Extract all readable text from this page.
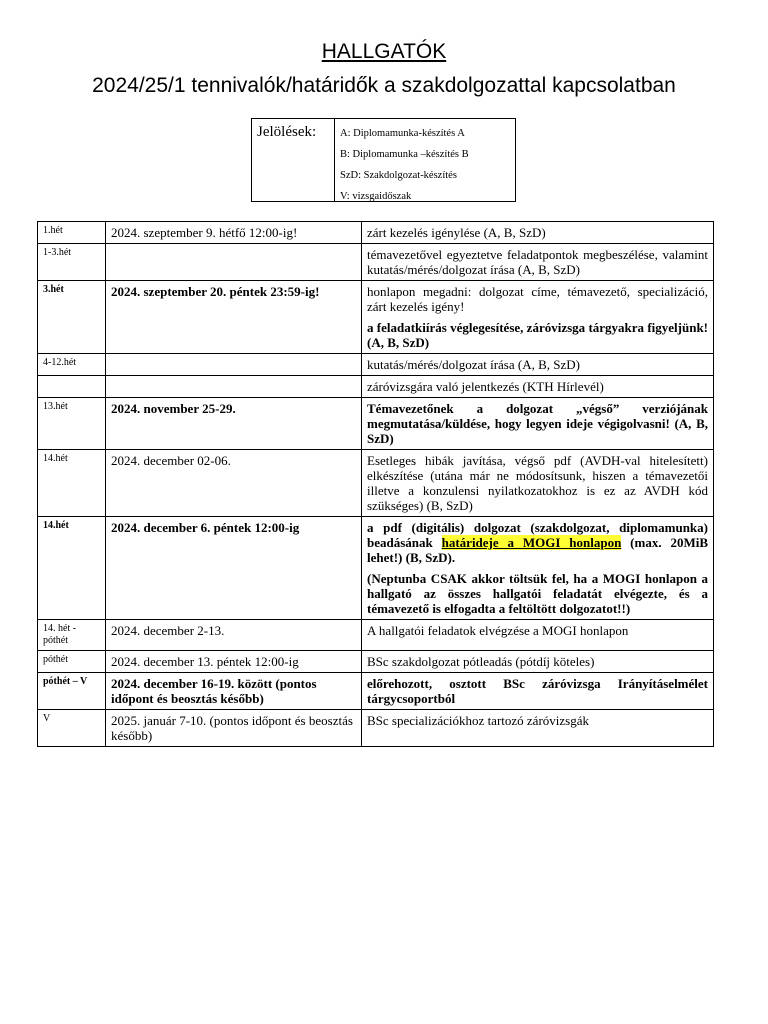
HALLGATÓK
2024/25/1 tennivalók/határidők a szakdolgozattal kapcsolatban
Jelölések:	A: Diplomamunka-készítés A
B: Diplomamunka –készítés B
SzD: Szakdolgozat-készítés
V: vizsgaidőszak
1.hét	2024. szeptember 9. hétfő 12:00-ig!	zárt kezelés igénylése (A, B, SzD)
1-3.hét		témavezetővel egyeztetve feladatpontok megbeszélése, valamint kutatás/mérés/dolgozat írása (A, B, SzD)
3.hét	2024. szeptember 20. péntek 23:59-ig!	honlapon megadni: dolgozat címe, témavezető, specializáció, zárt kezelés igény!
a feladatkiírás véglegesítése, záróvizsga tárgyakra figyeljünk! (A, B, SzD)

4-12.hét		kutatás/mérés/dolgozat írása (A, B, SzD)
		záróvizsgára való jelentkezés (KTH Hírlevél)
13.hét	2024. november 25-29.	Témavezetőnek a dolgozat „végső” verziójának megmutatása/küldése, hogy legyen ideje végigolvasni! (A, B, SzD)
14.hét	2024. december 02-06.	Esetleges hibák javítása, végső pdf (AVDH-val hitelesített) elkészítése (utána már ne módosítsunk, hiszen a témavezetői illetve a konzulensi nyilatkozatokhoz is ez az AVDH kód szükséges) (B, SzD)
14.hét	2024. december 6. péntek 12:00-ig	a pdf (digitális) dolgozat (szakdolgozat, diplomamunka) beadásának határideje a MOGI honlapon (max. 20MiB lehet!) (B, SzD).
(Neptunba CSAK akkor töltsük fel, ha a MOGI honlapon a hallgató az összes hallgatói feladatát elvégezte, és a témavezető is elfogadta a feltöltött dolgozatot!!)

14. hét - póthét	2024. december 2-13.	A hallgatói feladatok elvégzése a MOGI honlapon
póthét	2024. december 13. péntek 12:00-ig	BSc szakdolgozat pótleadás (pótdíj köteles)
póthét – V	2024. december 16-19. között (pontos időpont és beosztás később)	előrehozott, osztott BSc záróvizsga Irányításelmélet tárgycsoportból
V	2025. január 7-10. (pontos időpont és beosztás később)	BSc specializációkhoz tartozó záróvizsgák
